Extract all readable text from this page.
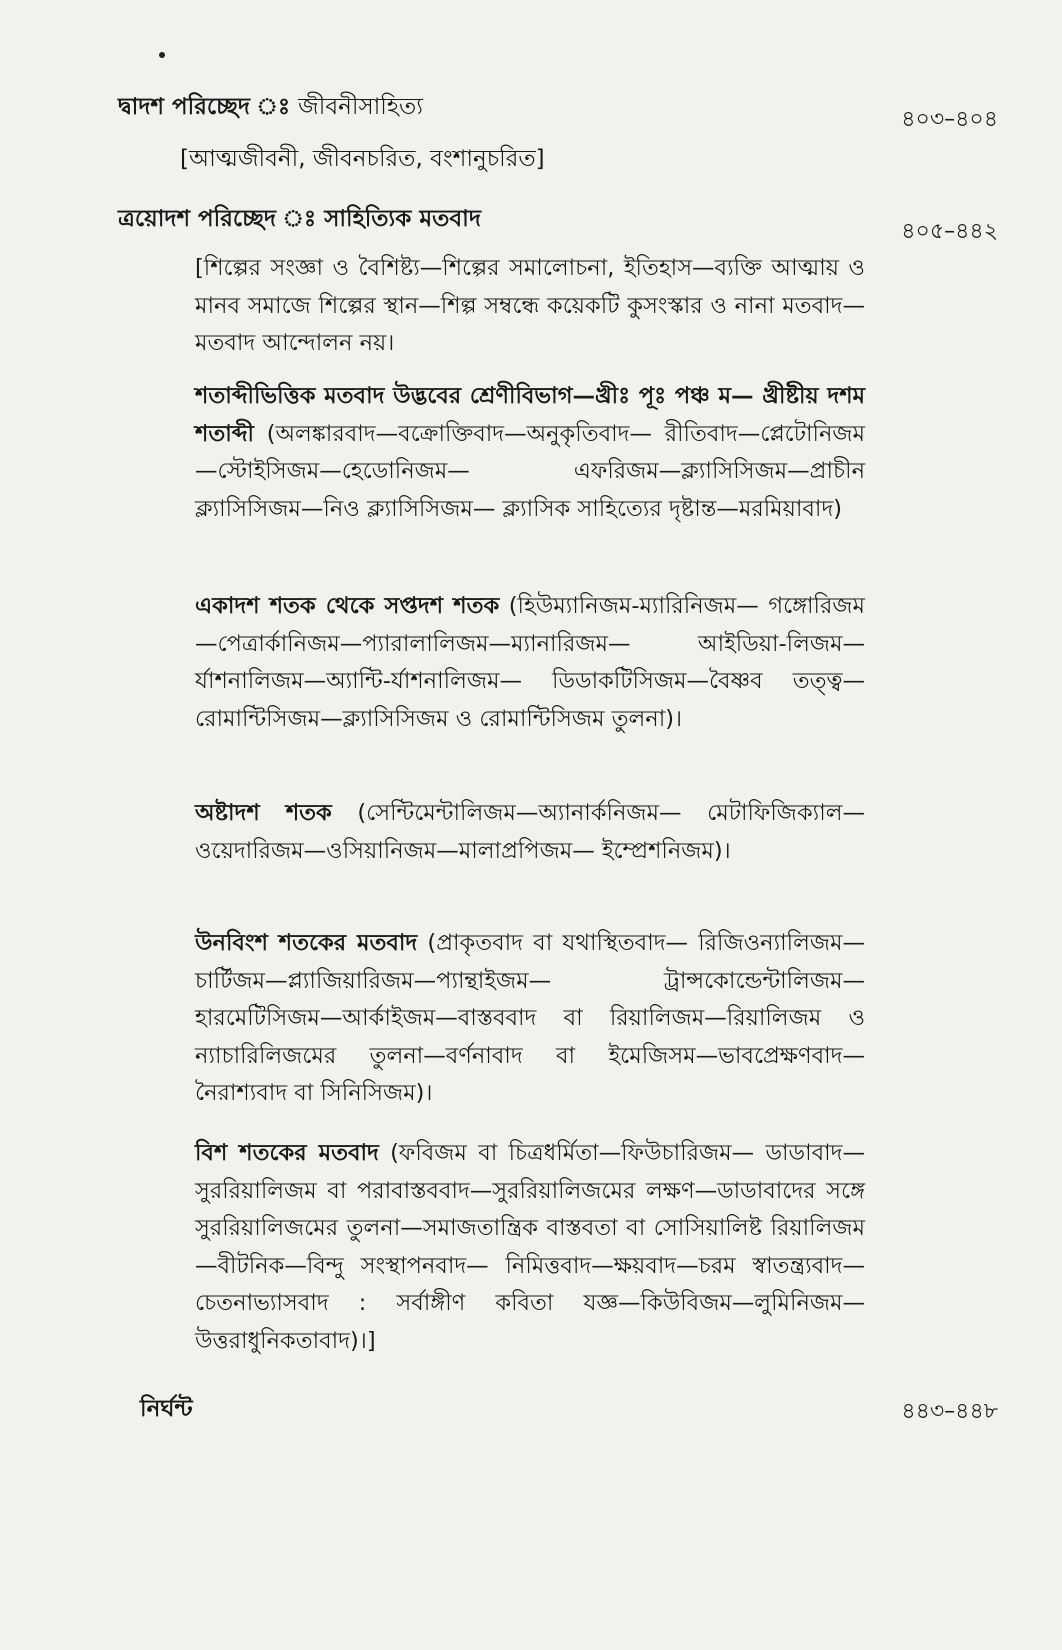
দ্বাদশ পরিচ্ছেদ ঃ জীবনীসাহিত্য	৪০৩–৪০৪
[আত্মজীবনী, জীবনচরিত, বংশানুচরিত]
ত্রয়োদশ পরিচ্ছেদ ঃ সাহিত্যিক মতবাদ	৪০৫–৪৪২
[শিল্পের সংজ্ঞা ও বৈশিষ্ট্য—শিল্পের সমালোচনা, ইতিহাস—ব্যক্তি আত্মায় ও মানব সমাজে শিল্পের স্থান—শিল্প সম্বন্ধে কয়েকটি কুসংস্কার ও নানা মতবাদ—মতবাদ আন্দোলন নয়।
শতাব্দীভিত্তিক মতবাদ উদ্ভবের শ্রেণীবিভাগ—খ্রীঃ পূঃ পঞ্চ ম— খ্রীষ্টীয় দশম শতাব্দী (অলঙ্কারবাদ—বক্রোক্তিবাদ—অনুকৃতিবাদ— রীতিবাদ—প্লেটোনিজম—স্টোইসিজম—হেডোনিজম— এফরিজম—ক্ল্যাসিসিজম—প্রাচীন ক্ল্যাসিসিজম—নিও ক্ল্যাসিসিজম— ক্ল্যাসিক সাহিত্যের দৃষ্টান্ত—মরমিয়াবাদ)
একাদশ শতক থেকে সপ্তদশ শতক (হিউম্যানিজম-ম্যারিনিজম— গঙ্গোরিজম—পেত্রার্কানিজম—প্যারালালিজম—ম্যানারিজম— আইডিয়া-লিজম—র্যাশনালিজম—অ্যান্টি-র্যাশনালিজম— ডিডাকটিসিজম—বৈষ্ণব তত্ত্ব—রোমান্টিসিজম—ক্ল্যাসিসিজম ও রোমান্টিসিজম তুলনা)।
অষ্টাদশ শতক (সেন্টিমেন্টালিজম—অ্যানার্কনিজম— মেটাফিজিক্যাল—ওয়েদারিজম—ওসিয়ানিজম—মালাপ্রপিজম— ইম্প্রেশনিজম)।
উনবিংশ শতকের মতবাদ (প্রাকৃতবাদ বা যথাস্থিতবাদ— রিজিওন্যালিজম—চার্টিজম—প্ল্যাজিয়ারিজম—প্যান্থাইজম— ট্রান্সকোন্ডেন্টালিজম—হারমেটিসিজম—আর্কাইজম—বাস্তববাদ বা রিয়ালিজম—রিয়ালিজম ও ন্যাচারিলিজমের তুলনা—বর্ণনাবাদ বা ইমেজিসম—ভাবপ্রেক্ষণবাদ—নৈরাশ্যবাদ বা সিনিসিজম)।
বিশ শতকের মতবাদ (ফবিজম বা চিত্রধর্মিতা—ফিউচারিজম— ডাডাবাদ—সুররিয়ালিজম বা পরাবাস্তববাদ—সুররিয়ালিজমের লক্ষণ—ডাডাবাদের সঙ্গে সুররিয়ালিজমের তুলনা—সমাজতান্ত্রিক বাস্তবতা বা সোসিয়ালিষ্ট রিয়ালিজম—বীটনিক—বিন্দু সংস্থাপনবাদ— নিমিত্তবাদ—ক্ষয়বাদ—চরম স্বাতন্ত্র্যবাদ—চেতনাভ্যাসবাদ : সর্বাঙ্গীণ কবিতা যজ্ঞ—কিউবিজম—লুমিনিজম—উত্তরাধুনিকতাবাদ)।]
নির্ঘন্ট	৪৪৩–৪৪৮
